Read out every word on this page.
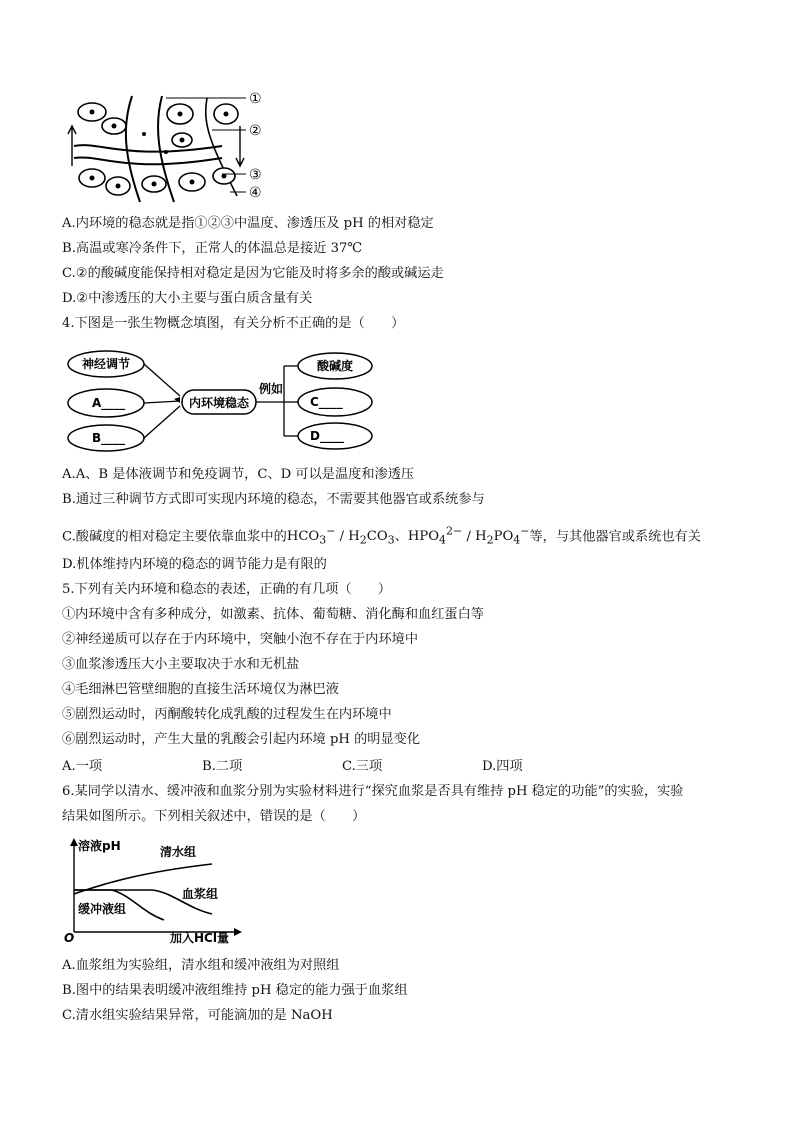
①
②
③
④
A.内环境的稳态就是指①②③中温度、渗透压及 pH 的相对稳定
B.高温或寒冷条件下，正常人的体温总是接近 37℃
C.②的酸碱度能保持相对稳定是因为它能及时将多余的酸或碱运走
D.②中渗透压的大小主要与蛋白质含量有关
4.下图是一张生物概念填图，有关分析不正确的是（　　）
神经调节
A____
B____
内环境稳态
例如
酸碱度
C____
D____
A.A、B 是体液调节和免疫调节，C、D 可以是温度和渗透压
B.通过三种调节方式即可实现内环境的稳态，不需要其他器官或系统参与
C.酸碱度的相对稳定主要依靠血浆中的$HCO_3^- / H_2CO_3$、$HPO_4^{2-} / H_2PO_4^-$等，与其他器官或系统也有关
D.机体维持内环境的稳态的调节能力是有限的
5.下列有关内环境和稳态的表述，正确的有几项（　　）
①内环境中含有多种成分，如激素、抗体、葡萄糖、消化酶和血红蛋白等
②神经递质可以存在于内环境中，突触小泡不存在于内环境中
③血浆渗透压大小主要取决于水和无机盐
④毛细淋巴管壁细胞的直接生活环境仅为淋巴液
⑤剧烈运动时，丙酮酸转化成乳酸的过程发生在内环境中
⑥剧烈运动时，产生大量的乳酸会引起内环境 pH 的明显变化
A.一项	B.二项	C.三项	D.四项
6.某同学以清水、缓冲液和血浆分别为实验材料进行“探究血浆是否具有维持 pH 稳定的功能”的实验，实验
结果如图所示。下列相关叙述中，错误的是（　　）
溶液pH	清水组
血浆组
缓冲液组
O	加入HCl量
A.血浆组为实验组，清水组和缓冲液组为对照组
B.图中的结果表明缓冲液组维持 pH 稳定的能力强于血浆组
C.清水组实验结果异常，可能滴加的是 NaOH
